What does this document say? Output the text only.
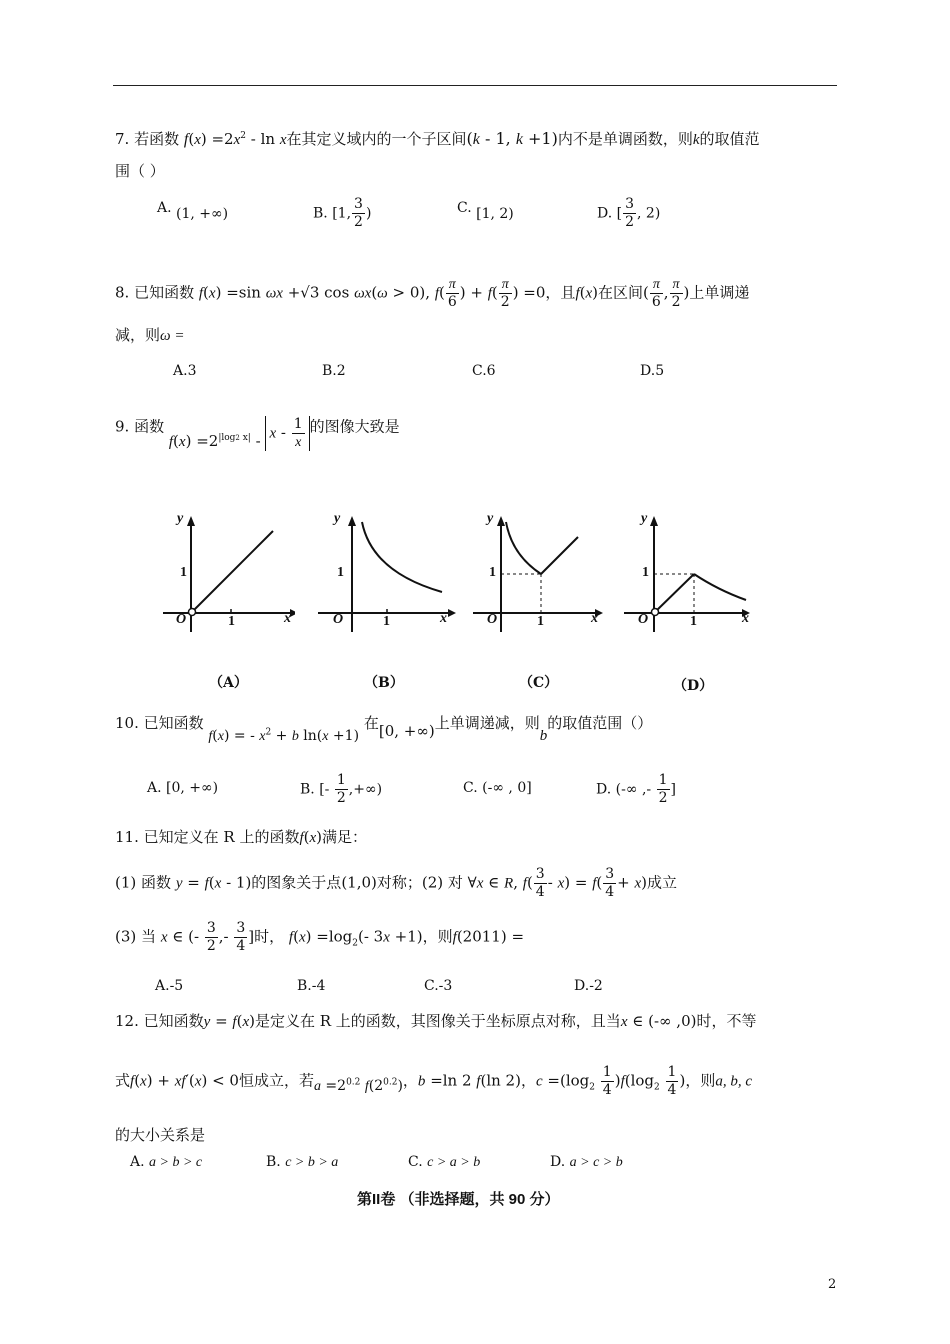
7. 若函数 $f(x) =2x^2 - \ln x$在其定义域内的一个子区间(k - 1, k +1)内不是单调函数，则k的取值范
围（ ）
A. (1, +∞)	B. [1, $\frac{3}{2}$ )	C. [1, 2)	D. [ $\frac{3}{2}$ , 2)
8. 已知函数 f(x) =sin ωx +√3 cos ωx(ω > 0), $f( \frac{\pi}{6}$ ) + $f( \frac{\pi}{2}$ ) =0，且f(x)在区间( $\frac{\pi}{6}$ , $\frac{\pi}{2}$ )上单调递
减，则ω =
A.3	B.2	C.6	D.5
9. 函数 $f(x) =2^{|log2 x|} - x - \frac{1}{x}$ 的图像大致是
y
x
O	1
1
（A）
y
x
O	1
1
（B）
y
x
O	1
1
（C）
y
x
O	1
1
（D）
10. 已知函数 f(x) = - $x^2 + b$ ln(x +1) 在[0, +∞)上单调递减，则b的取值范围（）
A. [0, +∞)	B. [- $\frac{1}{2}$ ,+∞)	C. (-∞ , 0]	D. (-∞ ,- $\frac{1}{2}$ ]
11. 已知定义在 R 上的函数f(x)满足：
(1) 函数 y = f(x - 1)的图象关于点(1,0)对称；(2) 对 ∀x ∈ R, $f( \frac{3}{4} - x) = f( \frac{3}{4} + x)$成立
(3) 当 x ∈ (- $\frac{3}{2}$ ,- $\frac{3}{4}$ ]时， $f(x) =\log_2(-$ 3x +1)，则f(2011) =
A.-5	B.-4	C.-3	D.-2
12. 已知函数y = f(x)是定义在 R 上的函数，其图像关于坐标原点对称，且当x ∈ (-∞ ,0)时，不等
式f(x) + xf′(x) < 0恒成立，若$a =2^{0.2}$ $f(2^{0.2})$，b =ln 2 f(ln 2)，$c =(\log_2 \frac{1}{4} )f(\log_2 \frac{1}{4}$ )，则a, b, c
的大小关系是
A. a > b > c	B. c > b > a	C. c > a > b	D. a > c > b
第II卷 （非选择题，共 90 分）
2
